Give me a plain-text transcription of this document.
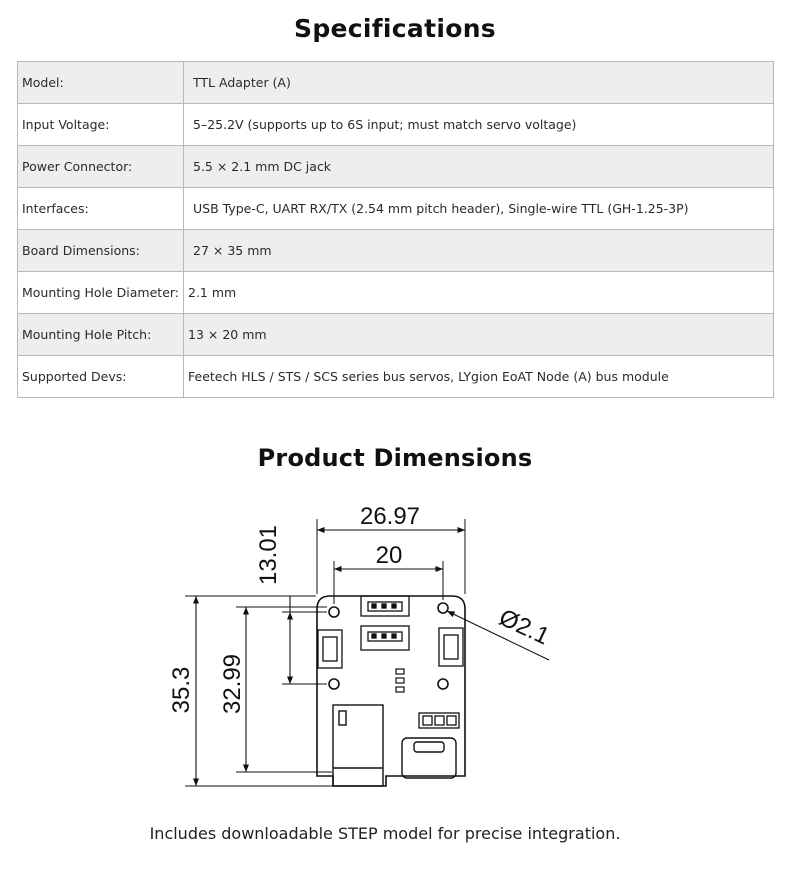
Specifications
Model:	TTL Adapter (A)
Input Voltage:	5–25.2V (supports up to 6S input; must match servo voltage)
Power Connector:	5.5 × 2.1 mm DC jack
Interfaces:	USB Type-C, UART RX/TX (2.54 mm pitch header), Single-wire TTL (GH-1.25-3P)
Board Dimensions:	27 × 35 mm
Mounting Hole Diameter:	2.1 mm
Mounting Hole Pitch:	13 × 20 mm
Supported Devs:	Feetech HLS / STS / SCS series bus servos, LYgion EoAT Node (A) bus module
Product Dimensions
26.97
20
13.01
35.3 32.99
Ø2.1
Includes downloadable STEP model for precise integration.
